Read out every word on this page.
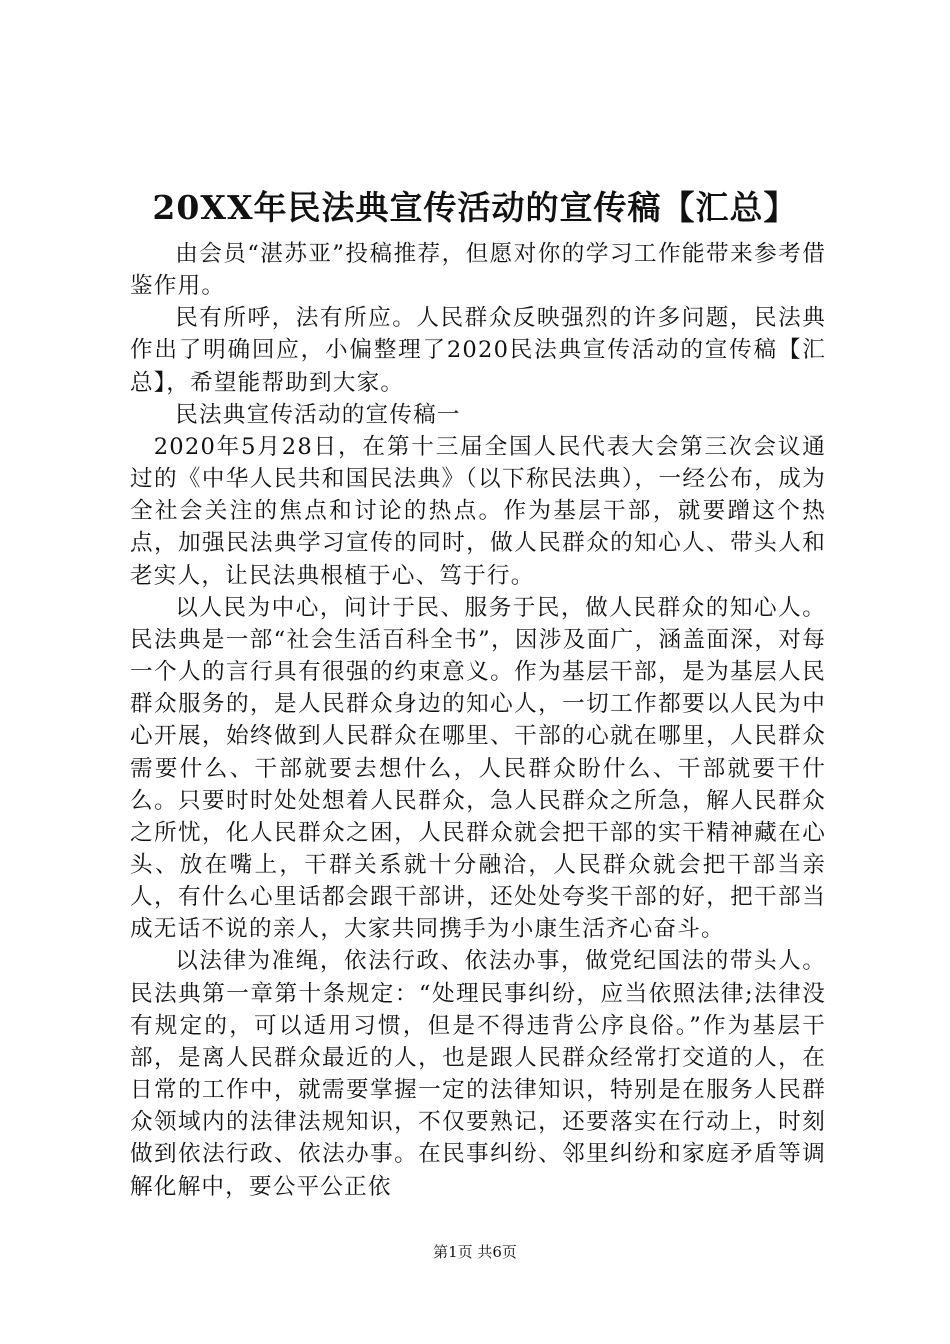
20XX年民法典宣传活动的宣传稿【汇总】

由会员“湛苏亚”投稿推荐，但愿对你的学习工作能带来参考借鉴作用。

民有所呼，法有所应。人民群众反映强烈的许多问题，民法典作出了明确回应，小偏整理了2020民法典宣传活动的宣传稿【汇总】，希望能帮助到大家。

民法典宣传活动的宣传稿一

2020年5月28日，在第十三届全国人民代表大会第三次会议通过的《中华人民共和国民法典》（以下称民法典），一经公布，成为全社会关注的焦点和讨论的热点。作为基层干部，就要蹭这个热点，加强民法典学习宣传的同时，做人民群众的知心人、带头人和老实人，让民法典根植于心、笃于行。

以人民为中心，问计于民、服务于民，做人民群众的知心人。民法典是一部“社会生活百科全书”，因涉及面广，涵盖面深，对每一个人的言行具有很强的约束意义。作为基层干部，是为基层人民群众服务的，是人民群众身边的知心人，一切工作都要以人民为中心开展，始终做到人民群众在哪里、干部的心就在哪里，人民群众需要什么、干部就要去想什么，人民群众盼什么、干部就要干什么。只要时时处处想着人民群众，急人民群众之所急，解人民群众之所忧，化人民群众之困，人民群众就会把干部的实干精神藏在心头、放在嘴上，干群关系就十分融洽，人民群众就会把干部当亲人，有什么心里话都会跟干部讲，还处处夸奖干部的好，把干部当成无话不说的亲人，大家共同携手为小康生活齐心奋斗。

以法律为准绳，依法行政、依法办事，做党纪国法的带头人。民法典第一章第十条规定：“处理民事纠纷，应当依照法律;法律没有规定的，可以适用习惯，但是不得违背公序良俗。”作为基层干部，是离人民群众最近的人，也是跟人民群众经常打交道的人，在日常的工作中，就需要掌握一定的法律知识，特别是在服务人民群众领域内的法律法规知识，不仅要熟记，还要落实在行动上，时刻做到依法行政、依法办事。在民事纠纷、邻里纠纷和家庭矛盾等调解化解中，要公平公正依

第1页 共6页
